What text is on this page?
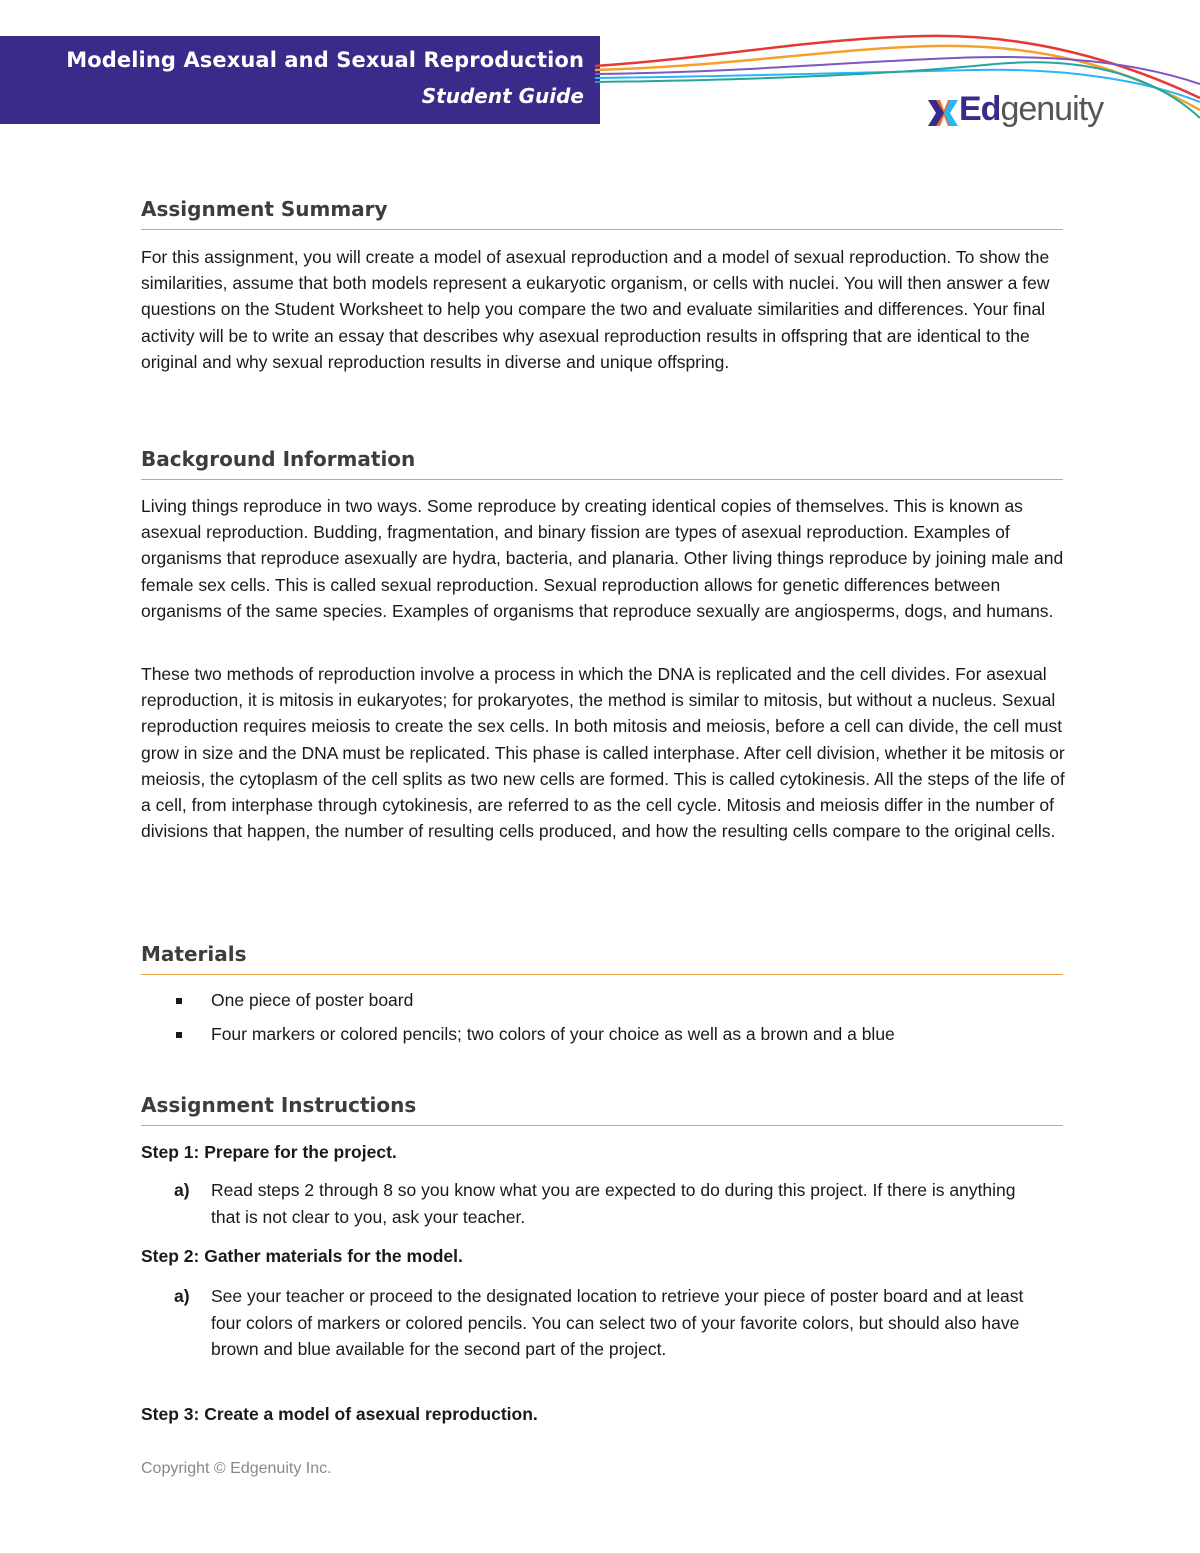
Modeling Asexual and Sexual Reproduction
Student Guide	Edgenuity
Assignment Summary
For this assignment, you will create a model of asexual reproduction and a model of sexual reproduction. To show the similarities, assume that both models represent a eukaryotic organism, or cells with nuclei. You will then answer a few questions on the Student Worksheet to help you compare the two and evaluate similarities and differences. Your final activity will be to write an essay that describes why asexual reproduction results in offspring that are identical to the original and why sexual reproduction results in diverse and unique offspring.
Background Information
Living things reproduce in two ways. Some reproduce by creating identical copies of themselves. This is known as asexual reproduction. Budding, fragmentation, and binary fission are types of asexual reproduction. Examples of organisms that reproduce asexually are hydra, bacteria, and planaria. Other living things reproduce by joining male and female sex cells. This is called sexual reproduction. Sexual reproduction allows for genetic differences between organisms of the same species. Examples of organisms that reproduce sexually are angiosperms, dogs, and humans.
These two methods of reproduction involve a process in which the DNA is replicated and the cell divides. For asexual reproduction, it is mitosis in eukaryotes; for prokaryotes, the method is similar to mitosis, but without a nucleus. Sexual reproduction requires meiosis to create the sex cells. In both mitosis and meiosis, before a cell can divide, the cell must grow in size and the DNA must be replicated. This phase is called interphase. After cell division, whether it be mitosis or meiosis, the cytoplasm of the cell splits as two new cells are formed. This is called cytokinesis. All the steps of the life of a cell, from interphase through cytokinesis, are referred to as the cell cycle. Mitosis and meiosis differ in the number of divisions that happen, the number of resulting cells produced, and how the resulting cells compare to the original cells.
Materials
One piece of poster board
Four markers or colored pencils; two colors of your choice as well as a brown and a blue
Assignment Instructions
Step 1: Prepare for the project.
a) Read steps 2 through 8 so you know what you are expected to do during this project. If there is anything that is not clear to you, ask your teacher.
Step 2: Gather materials for the model.
a) See your teacher or proceed to the designated location to retrieve your piece of poster board and at least four colors of markers or colored pencils. You can select two of your favorite colors, but should also have brown and blue available for the second part of the project.
Step 3: Create a model of asexual reproduction.
Copyright © Edgenuity Inc.
